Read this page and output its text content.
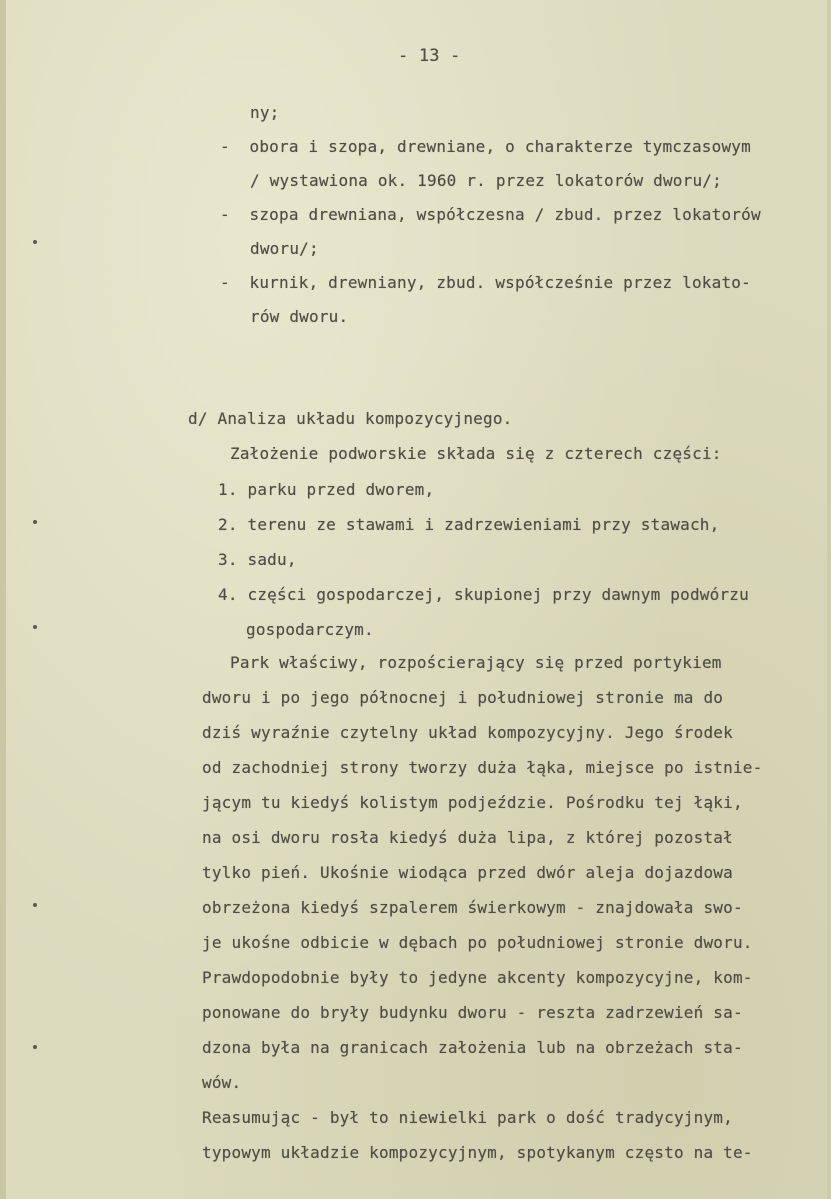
- 13 -
ny;
-  obora i szopa, drewniane, o charakterze tymczasowym
/ wystawiona ok. 1960 r. przez lokatorów dworu/;
-  szopa drewniana, współczesna / zbud. przez lokatorów
dworu/;
-  kurnik, drewniany, zbud. współcześnie przez lokato-
rów dworu.
d/ Analiza układu kompozycyjnego.
Założenie podworskie składa się z czterech części:
1. parku przed dworem,
2. terenu ze stawami i zadrzewieniami przy stawach,
3. sadu,
4. części gospodarczej, skupionej przy dawnym podwórzu
gospodarczym.
Park właściwy, rozpościerający się przed portykiem
dworu i po jego północnej i południowej stronie ma do
dziś wyraźnie czytelny układ kompozycyjny. Jego środek
od zachodniej strony tworzy duża łąka, miejsce po istnie-
jącym tu kiedyś kolistym podjeździe. Pośrodku tej łąki,
na osi dworu rosła kiedyś duża lipa, z której pozostał
tylko pień. Ukośnie wiodąca przed dwór aleja dojazdowa
obrzeżona kiedyś szpalerem świerkowym - znajdowała swo-
je ukośne odbicie w dębach po południowej stronie dworu.
Prawdopodobnie były to jedyne akcenty kompozycyjne, kom-
ponowane do bryły budynku dworu - reszta zadrzewień sa-
dzona była na granicach założenia lub na obrzeżach sta-
wów.
Reasumując - był to niewielki park o dość tradycyjnym,
typowym układzie kompozycyjnym, spotykanym często na te-
